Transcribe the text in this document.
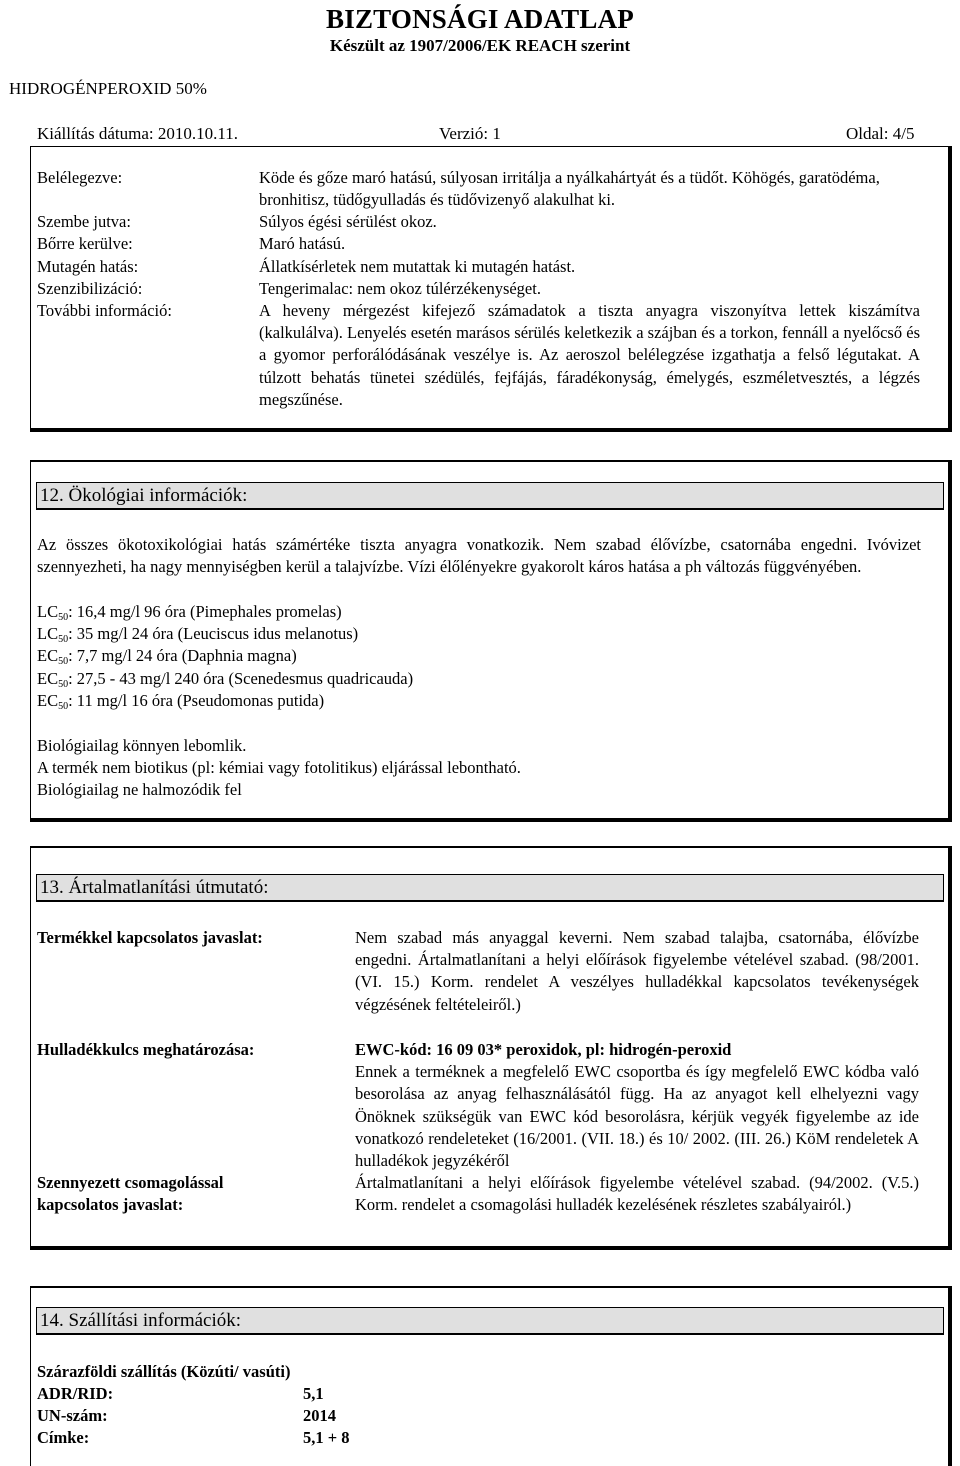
BIZTONSÁGI ADATLAP
Készült az 1907/2006/EK REACH szerint
HIDROGÉNPEROXID 50%
Kiállítás dátuma: 2010.10.11.	Verzió: 1	Oldal: 4/5
Belélegezve:	Köde és gőze maró hatású, súlyosan irritálja a nyálkahártyát és a tüdőt. Köhögés, garatödéma, bronhitisz, tüdőgyulladás és tüdővizenyő alakulhat ki.
Szembe jutva:	Súlyos égési sérülést okoz.
Bőrre kerülve:	Maró hatású.
Mutagén hatás:	Állatkísérletek nem mutattak ki mutagén hatást.
Szenzibilizáció:	Tengerimalac: nem okoz túlérzékenységet.
További információ:	A heveny mérgezést kifejező számadatok a tiszta anyagra viszonyítva lettek kiszámítva (kalkulálva). Lenyelés esetén marásos sérülés keletkezik a szájban és a torkon, fennáll a nyelőcső és a gyomor perforálódásának veszélye is. Az aeroszol belélegzése izgathatja a felső légutakat. A túlzott behatás tünetei szédülés, fejfájás, fáradékonyság, émelygés, eszméletvesztés, a légzés megszűnése.
12. Ökológiai információk:
Az összes ökotoxikológiai hatás számértéke tiszta anyagra vonatkozik. Nem szabad élővízbe, csatornába engedni. Ivóvizet szennyezheti, ha nagy mennyiségben kerül a talajvízbe. Vízi élőlényekre gyakorolt káros hatása a ph változás függvényében.
$LC_{50}$: 16,4 mg/l 96 óra (Pimephales promelas)
$LC_{50}$: 35 mg/l 24 óra (Leuciscus idus melanotus)
$EC_{50}$: 7,7 mg/l 24 óra (Daphnia magna)
$EC_{50}$: 27,5 - 43 mg/l 240 óra (Scenedesmus quadricauda)
$EC_{50}$: 11 mg/l 16 óra (Pseudomonas putida)
Biológiailag könnyen lebomlik.
A termék nem biotikus (pl: kémiai vagy fotolitikus) eljárással lebontható.
Biológiailag ne halmozódik fel
13. Ártalmatlanítási útmutató:
Termékkel kapcsolatos javaslat:	Nem szabad más anyaggal keverni. Nem szabad talajba, csatornába, élővízbe engedni. Ártalmatlanítani a helyi előírások figyelembe vételével szabad. (98/2001. (VI. 15.) Korm. rendelet A veszélyes hulladékkal kapcsolatos tevékenységek végzésének feltételeiről.)
Hulladékkulcs meghatározása:	EWC-kód: 16 09 03* peroxidok, pl: hidrogén-peroxid
Ennek a terméknek a megfelelő EWC csoportba és így megfelelő EWC kódba való besorolása az anyag felhasználásától függ. Ha az anyagot kell elhelyezni vagy Önöknek szükségük van EWC kód besorolásra, kérjük vegyék figyelembe az ide vonatkozó rendeleteket (16/2001. (VII. 18.) és 10/ 2002. (III. 26.) KöM rendeletek A hulladékok jegyzékéről
Szennyezett csomagolással
kapcsolatos javaslat:
Ártalmatlanítani a helyi előírások figyelembe vételével szabad. (94/2002. (V.5.) Korm. rendelet a csomagolási hulladék kezelésének részletes szabályairól.)
14. Szállítási információk:
Szárazföldi szállítás (Közúti/ vasúti)
ADR/RID:	5,1
UN-szám:	2014
Címke:	5,1 + 8
